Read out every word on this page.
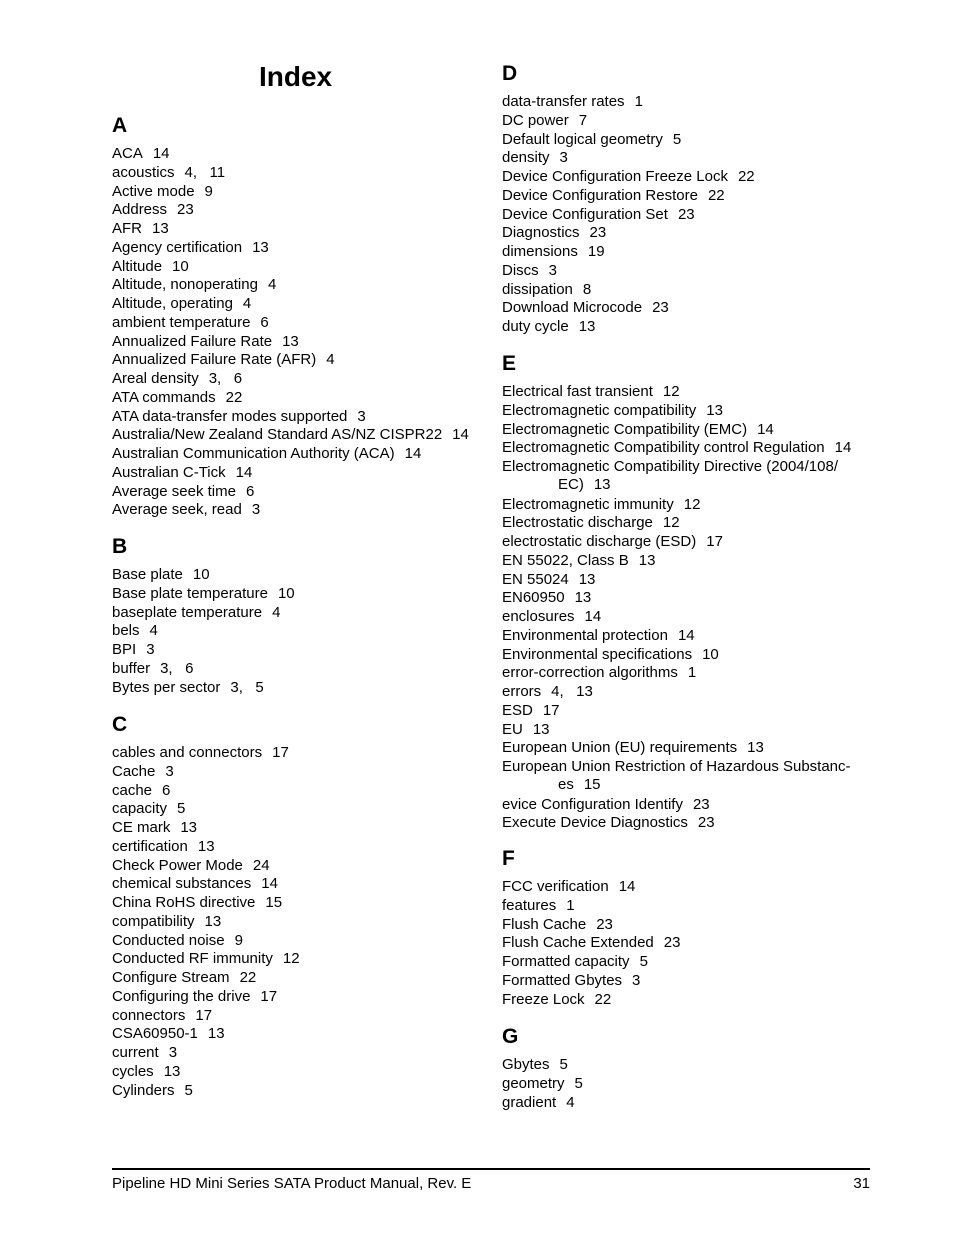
Index
A
ACA 14
acoustics 4,   11
Active mode 9
Address 23
AFR 13
Agency certification 13
Altitude 10
Altitude, nonoperating 4
Altitude, operating 4
ambient temperature 6
Annualized Failure Rate 13
Annualized Failure Rate (AFR) 4
Areal density 3,   6
ATA commands 22
ATA data-transfer modes supported 3
Australia/New Zealand Standard AS/NZ CISPR22 14
Australian Communication Authority (ACA) 14
Australian C-Tick 14
Average seek time 6
Average seek, read 3
B
Base plate 10
Base plate temperature 10
baseplate temperature 4
bels 4
BPI 3
buffer 3,   6
Bytes per sector 3,   5
C
cables and connectors 17
Cache 3
cache 6
capacity 5
CE mark 13
certification 13
Check Power Mode 24
chemical substances 14
China RoHS directive 15
compatibility 13
Conducted noise 9
Conducted RF immunity 12
Configure Stream 22
Configuring the drive 17
connectors 17
CSA60950-1 13
current 3
cycles 13
Cylinders 5
D
data-transfer rates 1
DC power 7
Default logical geometry 5
density 3
Device Configuration Freeze Lock 22
Device Configuration Restore 22
Device Configuration Set 23
Diagnostics 23
dimensions 19
Discs 3
dissipation 8
Download Microcode 23
duty cycle 13
E
Electrical fast transient 12
Electromagnetic compatibility 13
Electromagnetic Compatibility (EMC) 14
Electromagnetic Compatibility control Regulation 14
Electromagnetic Compatibility Directive (2004/108/
EC) 13
Electromagnetic immunity 12
Electrostatic discharge 12
electrostatic discharge (ESD) 17
EN 55022, Class B 13
EN 55024 13
EN60950 13
enclosures 14
Environmental protection 14
Environmental specifications 10
error-correction algorithms 1
errors 4,   13
ESD 17
EU 13
European Union (EU) requirements 13
European Union Restriction of Hazardous Substanc-
es 15
evice Configuration Identify 23
Execute Device Diagnostics 23
F
FCC verification 14
features 1
Flush Cache 23
Flush Cache Extended 23
Formatted capacity 5
Formatted Gbytes 3
Freeze Lock 22
G
Gbytes 5
geometry 5
gradient 4
Pipeline HD Mini Series SATA Product Manual, Rev. E	31
